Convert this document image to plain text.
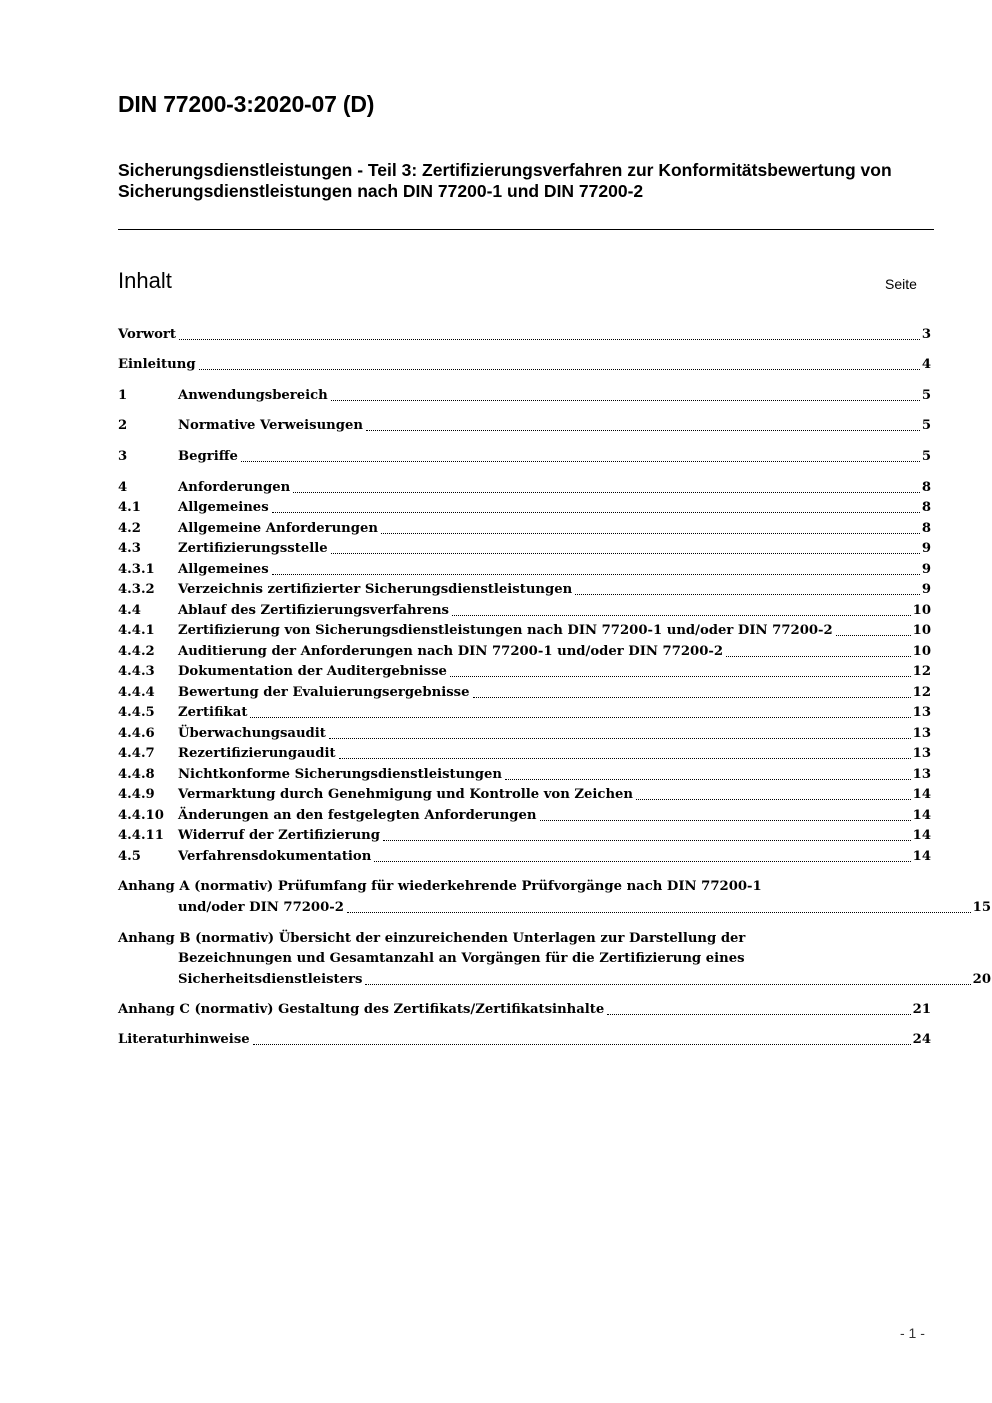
DIN 77200-3:2020-07 (D)
Sicherungsdienstleistungen - Teil 3: Zertifizierungsverfahren zur Konformitätsbewertung von Sicherungsdienstleistungen nach DIN 77200-1 und DIN 77200-2
Inhalt	Seite
Vorwort	3
Einleitung	4
1	Anwendungsbereich	5
2	Normative Verweisungen	5
3	Begriffe	5
4	Anforderungen	8
4.1	Allgemeines	8
4.2	Allgemeine Anforderungen	8
4.3	Zertifizierungsstelle	9
4.3.1	Allgemeines	9
4.3.2	Verzeichnis zertifizierter Sicherungsdienstleistungen	9
4.4	Ablauf des Zertifizierungsverfahrens	10
4.4.1	Zertifizierung von Sicherungsdienstleistungen nach DIN 77200-1 und/oder DIN 77200-2	10
4.4.2	Auditierung der Anforderungen nach DIN 77200-1 und/oder DIN 77200-2	10
4.4.3	Dokumentation der Auditergebnisse	12
4.4.4	Bewertung der Evaluierungsergebnisse	12
4.4.5	Zertifikat	13
4.4.6	Überwachungsaudit	13
4.4.7	Rezertifizierungaudit	13
4.4.8	Nichtkonforme Sicherungsdienstleistungen	13
4.4.9	Vermarktung durch Genehmigung und Kontrolle von Zeichen	14
4.4.10	Änderungen an den festgelegten Anforderungen	14
4.4.11	Widerruf der Zertifizierung	14
4.5	Verfahrensdokumentation	14
Anhang A (normativ) Prüfumfang für wiederkehrende Prüfvorgänge nach DIN 77200-1
und/oder DIN 77200-2	15
Anhang B (normativ) Übersicht der einzureichenden Unterlagen zur Darstellung der
Bezeichnungen und Gesamtanzahl an Vorgängen für die Zertifizierung eines
Sicherheitsdienstleisters	20
Anhang C (normativ) Gestaltung des Zertifikats/Zertifikatsinhalte	21
Literaturhinweise	24
- 1 -
